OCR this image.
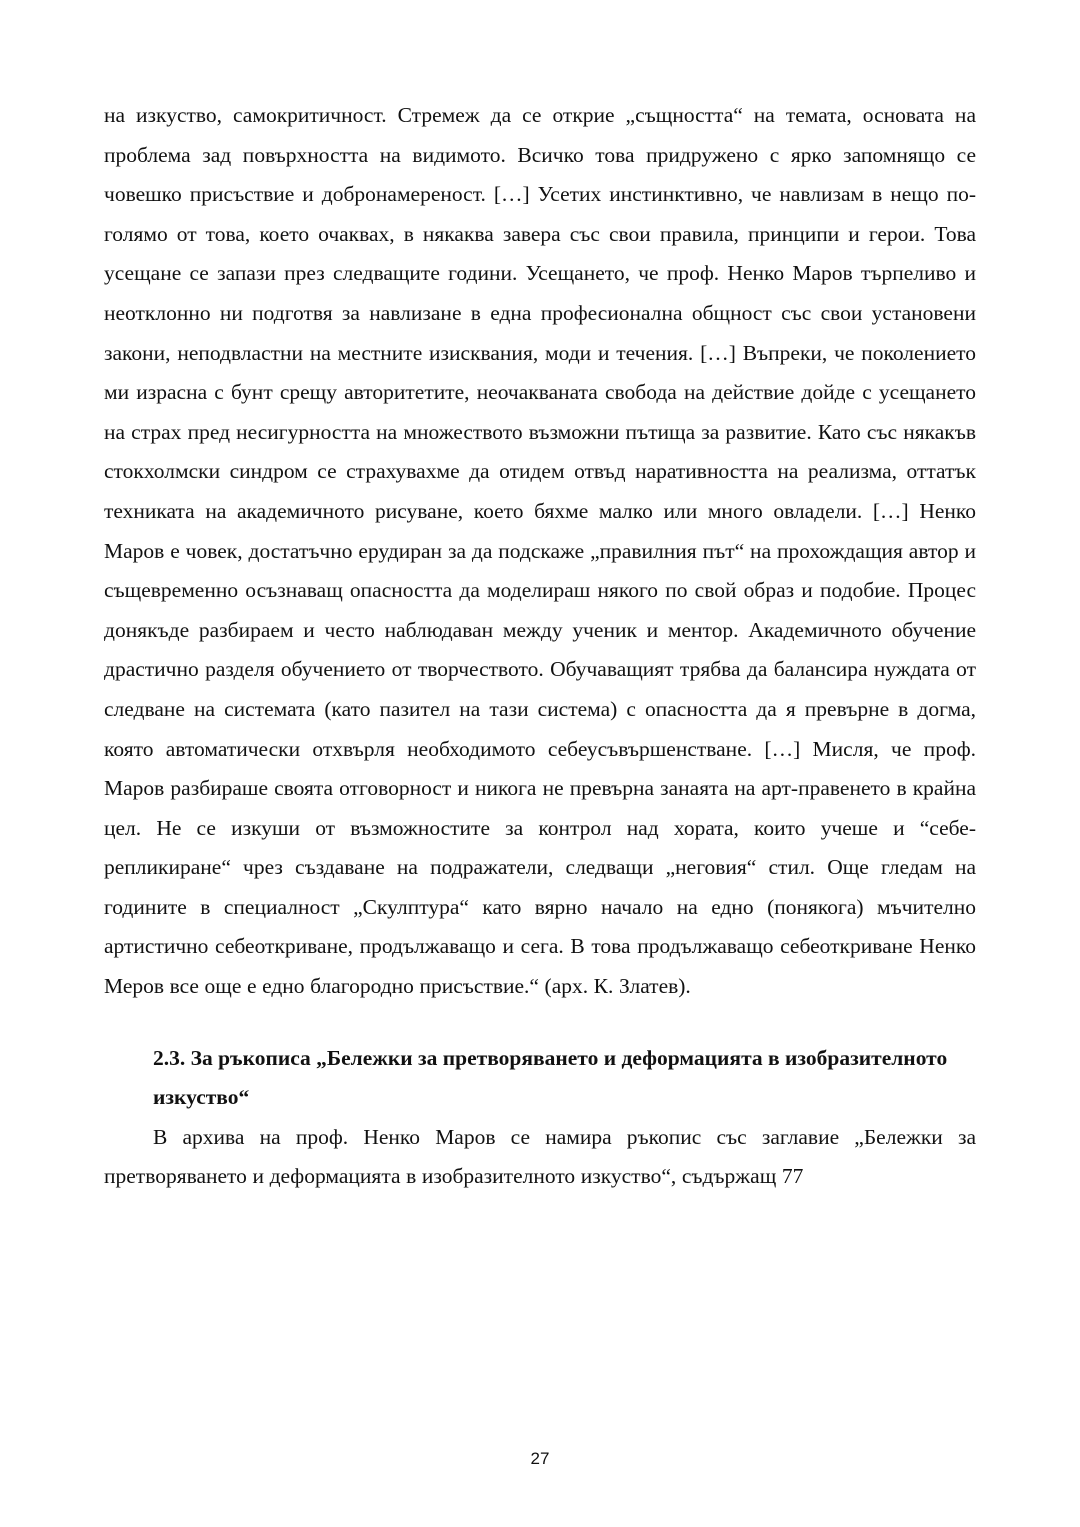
на изкуство, самокритичност. Стремеж да се открие „същността“ на темата, основата на проблема зад повърхността на видимото. Всичко това придружено с ярко запомнящо се човешко присъствие и добронамереност. […] Усетих инстинктивно, че навлизам в нещо по-голямо от това, което очаквах, в някаква завера със свои правила, принципи и герои. Това усещане се запази през следващите години. Усещането, че проф. Ненко Маров търпеливо и неотклонно ни подготвя за навлизане в една професионална общност със свои установени закони, неподвластни на местните изисквания, моди и течения. […] Въпреки, че поколението ми израсна с бунт срещу авторитетите, неочакваната свобода на действие дойде с усещането на страх пред несигурността на множеството възможни пътища за развитие. Като със някакъв стокхолмски синдром се страхувахме да отидем отвъд наративността на реализма, оттатък техниката на академичното рисуване, което бяхме малко или много овладели. […] Ненко Маров е човек, достатъчно ерудиран за да подскаже „правилния път“ на прохождащия автор и същевременно осъзнаващ опасността да моделираш някого по свой образ и подобие. Процес донякъде разбираем и често наблюдаван между ученик и ментор. Академичното обучение драстично разделя обучението от творчеството. Обучаващият трябва да балансира нуждата от следване на системата (като пазител на тази система) с опасността да я превърне в догма, която автоматически отхвърля необходимото себеусъвършенстване. […] Мисля, че проф. Маров разбираше своята отговорност и никога не превърна занаята на арт-правенето в крайна цел. Не се изкуши от възможностите за контрол над хората, които учеше и “себе-репликиране“ чрез създаване на подражатели, следващи „неговия“ стил. Още гледам на годините в специалност „Скулптура“ като вярно начало на едно (понякога) мъчително артистично себеоткриване, продължаващо и сега. В това продължаващо себеоткриване Ненко Меров все още е едно благородно присъствие.“ (арх. К. Златев).

2.3. За ръкописа „Бележки за претворяването и деформацията в изобразителното изкуство“

В архива на проф. Ненко Маров се намира ръкопис със заглавие „Бележки за претворяването и деформацията в изобразителното изкуство“, съдържащ 77

27
